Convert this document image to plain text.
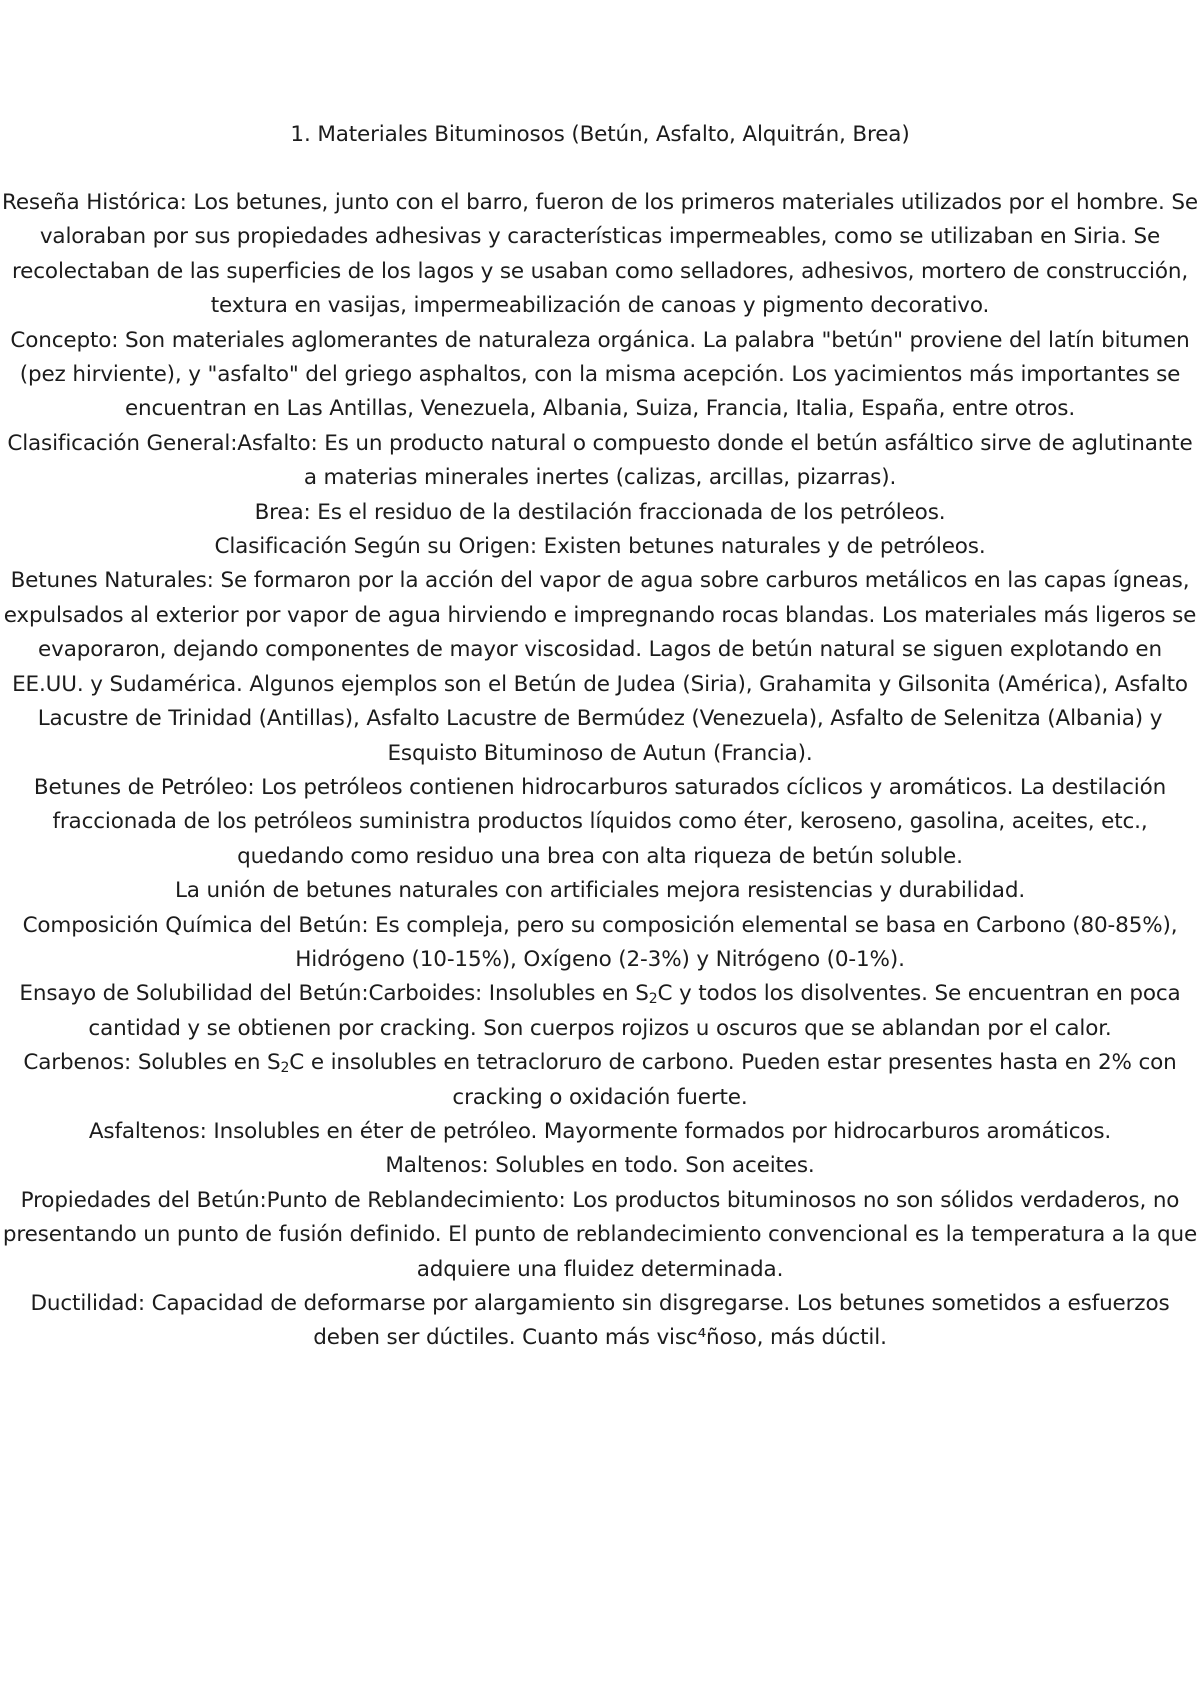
1. Materiales Bituminosos (Betún, Asfalto, Alquitrán, Brea)

Reseña Histórica: Los betunes, junto con el barro, fueron de los primeros materiales utilizados por el hombre. Se valoraban por sus propiedades adhesivas y características impermeables, como se utilizaban en Siria. Se recolectaban de las superficies de los lagos y se usaban como selladores, adhesivos, mortero de construcción, textura en vasijas, impermeabilización de canoas y pigmento decorativo.

Concepto: Son materiales aglomerantes de naturaleza orgánica. La palabra "betún" proviene del latín bitumen (pez hirviente), y "asfalto" del griego asphaltos, con la misma acepción. Los yacimientos más importantes se encuentran en Las Antillas, Venezuela, Albania, Suiza, Francia, Italia, España, entre otros.

Clasificación General:Asfalto: Es un producto natural o compuesto donde el betún asfáltico sirve de aglutinante a materias minerales inertes (calizas, arcillas, pizarras).

Brea: Es el residuo de la destilación fraccionada de los petróleos.

Clasificación Según su Origen: Existen betunes naturales y de petróleos.

Betunes Naturales: Se formaron por la acción del vapor de agua sobre carburos metálicos en las capas ígneas, expulsados al exterior por vapor de agua hirviendo e impregnando rocas blandas. Los materiales más ligeros se evaporaron, dejando componentes de mayor viscosidad. Lagos de betún natural se siguen explotando en EE.UU. y Sudamérica. Algunos ejemplos son el Betún de Judea (Siria), Grahamita y Gilsonita (América), Asfalto Lacustre de Trinidad (Antillas), Asfalto Lacustre de Bermúdez (Venezuela), Asfalto de Selenitza (Albania) y Esquisto Bituminoso de Autun (Francia).

Betunes de Petróleo: Los petróleos contienen hidrocarburos saturados cíclicos y aromáticos. La destilación fraccionada de los petróleos suministra productos líquidos como éter, keroseno, gasolina, aceites, etc., quedando como residuo una brea con alta riqueza de betún soluble.

La unión de betunes naturales con artificiales mejora resistencias y durabilidad.

Composición Química del Betún: Es compleja, pero su composición elemental se basa en Carbono (80-85%), Hidrógeno (10-15%), Oxígeno (2-3%) y Nitrógeno (0-1%).

Ensayo de Solubilidad del Betún:Carboides: Insolubles en $S_2C$ y todos los disolventes. Se encuentran en poca cantidad y se obtienen por cracking. Son cuerpos rojizos u oscuros que se ablandan por el calor.

Carbenos: Solubles en $S_2C$ e insolubles en tetracloruro de carbono. Pueden estar presentes hasta en 2% con cracking o oxidación fuerte.

Asfaltenos: Insolubles en éter de petróleo. Mayormente formados por hidrocarburos aromáticos.

Maltenos: Solubles en todo. Son aceites.

Propiedades del Betún:Punto de Reblandecimiento: Los productos bituminosos no son sólidos verdaderos, no presentando un punto de fusión definido. El punto de reblandecimiento convencional es la temperatura a la que adquiere una fluidez determinada.

Ductilidad: Capacidad de deformarse por alargamiento sin disgregarse. Los betunes sometidos a esfuerzos deben ser dúctiles. Cuanto más visc⁴ñoso, más dúctil.
